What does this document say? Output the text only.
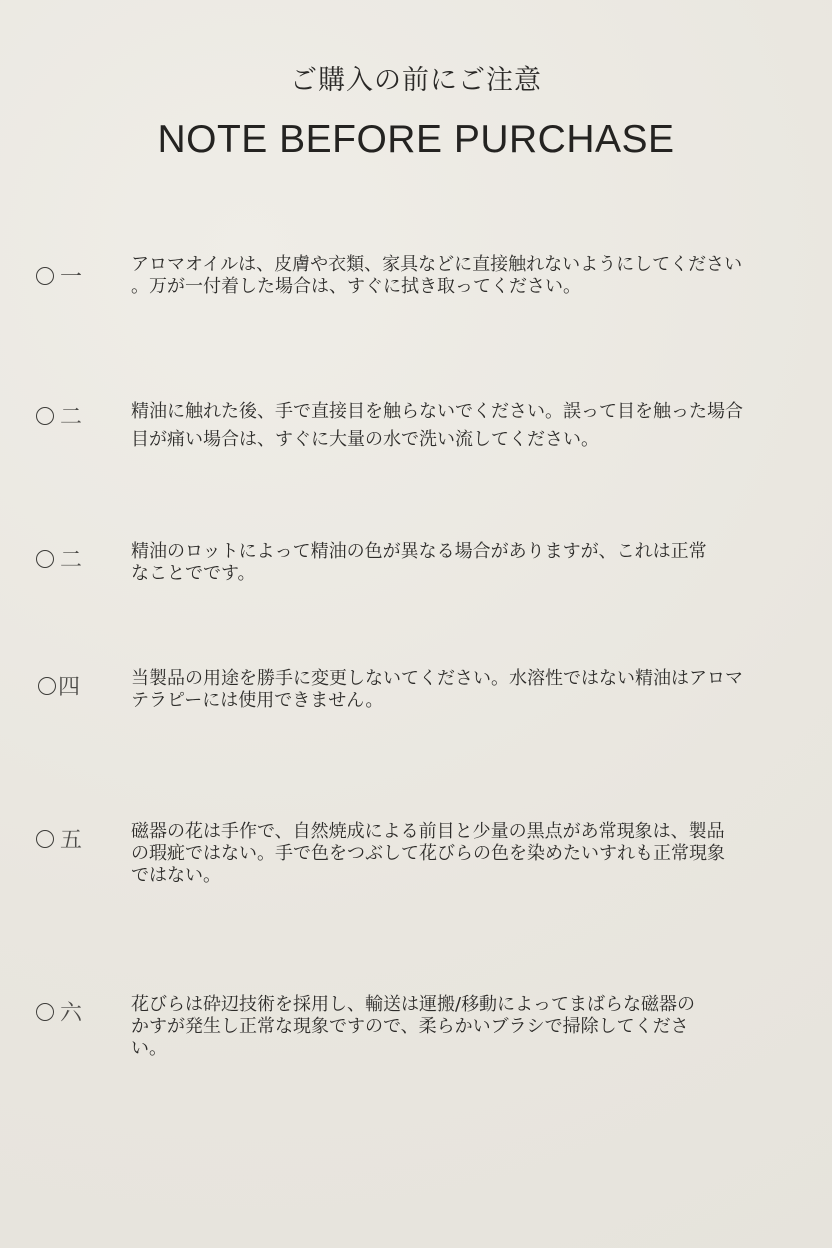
ご購入の前にご注意
NOTE BEFORE PURCHASE
一
アロマオイルは、皮膚や衣類、家具などに直接触れないようにしてください
。万が一付着した場合は、すぐに拭き取ってください。
二	精油に触れた後、手で直接目を触らないでください。誤って目を触った場合
目が痛い場合は、すぐに大量の水で洗い流してください。
二	精油のロットによって精油の色が異なる場合がありますが、これは正常
なことでです。
四	当製品の用途を勝手に変更しないてください。水溶性ではない精油はアロマ
テラピーには使用できません。
五	磁器の花は手作で、自然焼成による前目と少量の黒点があ常現象は、製品
の瑕疵ではない。手で色をつぶして花びらの色を染めたいすれも正常現象
ではない。
六	花びらは砕辺技術を採用し、輸送は運搬/移動によってまばらな磁器の
かすが発生し正常な現象ですので、柔らかいブラシで掃除してくださ
い。
